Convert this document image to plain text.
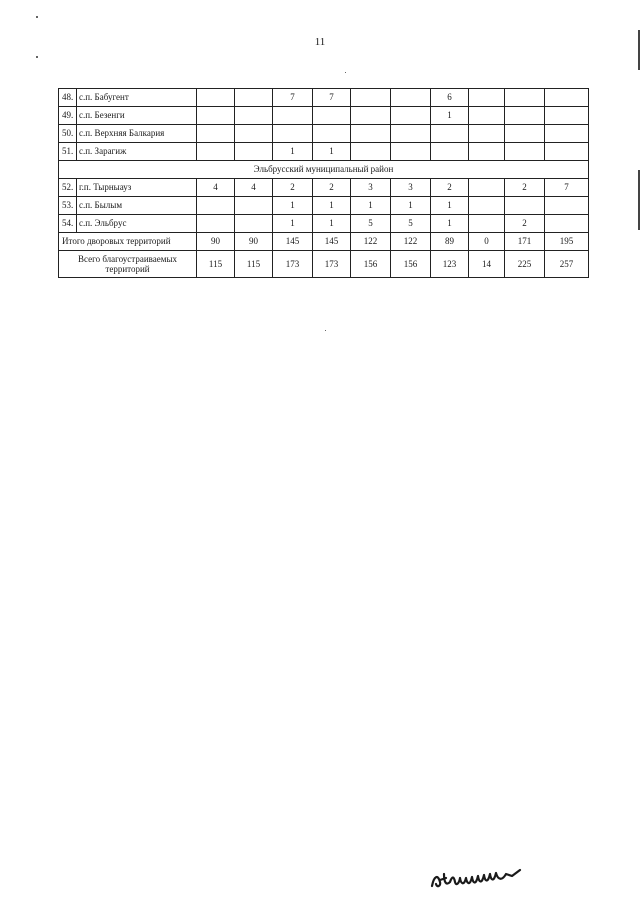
11
48.	с.п. Бабугент			7	7			6			
49.	с.п. Безенги							1			
50.	с.п. Верхняя Балкария										
51.	с.п. Зарагиж			1	1						
Эльбрусский муниципальный район											
52.	г.п. Тырныауз	4	4	2	2	3	3	2		2	7
53.	с.п. Былым			1	1	1	1	1			
54.	с.п. Эльбрус			1	1	5	5	1		2	
Итого дворовых территорий		90	90	145	145	122	122	89	0	171	195
Всего благоустраиваемых территорий		115	115	173	173	156	156	123	14	225	257
